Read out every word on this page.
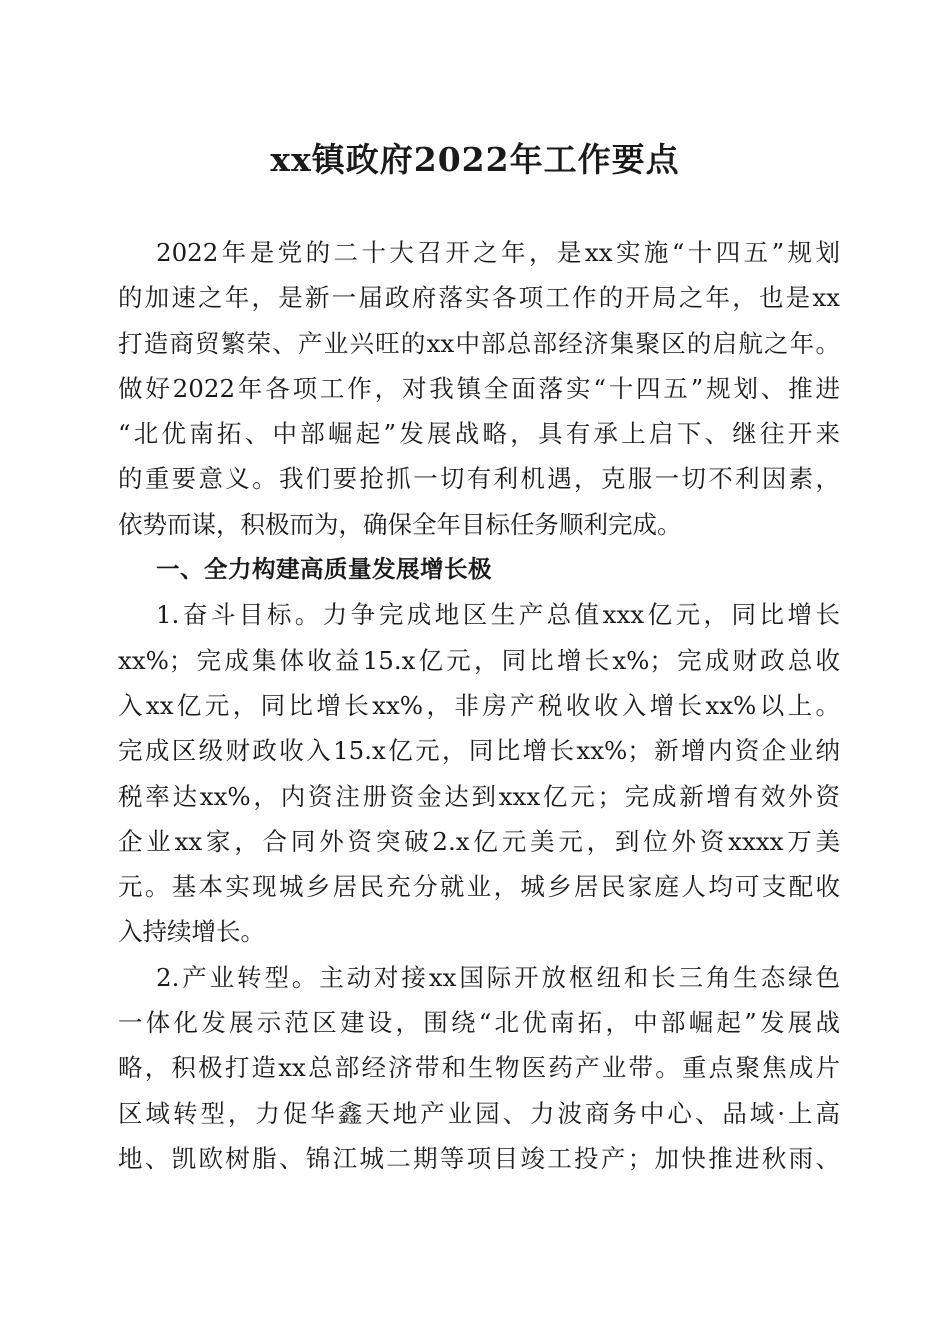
xx镇政府2022年工作要点
2022年是党的二十大召开之年，是xx实施“十四五”规划
的加速之年，是新一届政府落实各项工作的开局之年，也是xx
打造商贸繁荣、产业兴旺的xx中部总部经济集聚区的启航之年。
做好2022年各项工作，对我镇全面落实“十四五”规划、推进
“北优南拓、中部崛起”发展战略，具有承上启下、继往开来
的重要意义。我们要抢抓一切有利机遇，克服一切不利因素，
依势而谋，积极而为，确保全年目标任务顺利完成。
一、全力构建高质量发展增长极
1.奋斗目标。力争完成地区生产总值xxx亿元，同比增长
xx%；完成集体收益15.x亿元，同比增长x%；完成财政总收
入xx亿元，同比增长xx%，非房产税收收入增长xx%以上。
完成区级财政收入15.x亿元，同比增长xx%；新增内资企业纳
税率达xx%，内资注册资金达到xxx亿元；完成新增有效外资
企业xx家，合同外资突破2.x亿元美元，到位外资xxxx万美
元。基本实现城乡居民充分就业，城乡居民家庭人均可支配收
入持续增长。
2.产业转型。主动对接xx国际开放枢纽和长三角生态绿色
一体化发展示范区建设，围绕“北优南拓，中部崛起”发展战
略，积极打造xx总部经济带和生物医药产业带。重点聚焦成片
区域转型，力促华鑫天地产业园、力波商务中心、品域·上高
地、凯欧树脂、锦江城二期等项目竣工投产；加快推进秋雨、
